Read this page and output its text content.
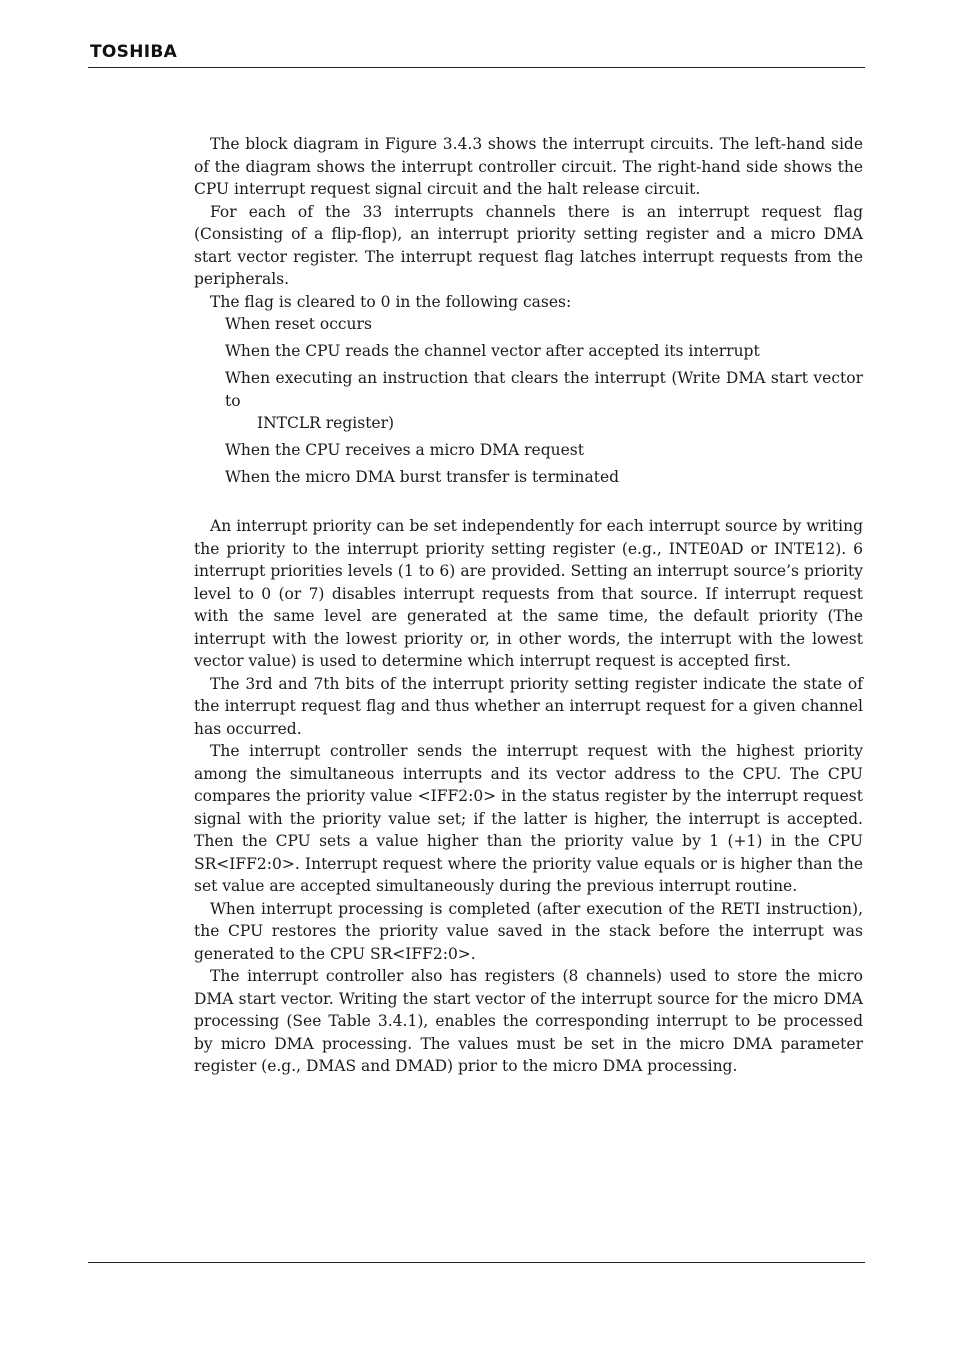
TOSHIBA

The block diagram in Figure 3.4.3 shows the interrupt circuits. The left-hand side of the diagram shows the interrupt controller circuit. The right-hand side shows the CPU interrupt request signal circuit and the halt release circuit.

For each of the 33 interrupts channels there is an interrupt request flag (Consisting of a flip-flop), an interrupt priority setting register and a micro DMA start vector register. The interrupt request flag latches interrupt requests from the peripherals.

The flag is cleared to 0 in the following cases:

When reset occurs
When the CPU reads the channel vector after accepted its interrupt
When executing an instruction that clears the interrupt (Write DMA start vector to
INTCLR register)
When the CPU receives a micro DMA request
When the micro DMA burst transfer is terminated

An interrupt priority can be set independently for each interrupt source by writing the priority to the interrupt priority setting register (e.g., INTE0AD or INTE12). 6 interrupt priorities levels (1 to 6) are provided. Setting an interrupt source’s priority level to 0 (or 7) disables interrupt requests from that source. If interrupt request with the same level are generated at the same time, the default priority (The interrupt with the lowest priority or, in other words, the interrupt with the lowest vector value) is used to determine which interrupt request is accepted first.

The 3rd and 7th bits of the interrupt priority setting register indicate the state of the interrupt request flag and thus whether an interrupt request for a given channel has occurred.

The interrupt controller sends the interrupt request with the highest priority among the simultaneous interrupts and its vector address to the CPU. The CPU compares the priority value <IFF2:0> in the status register by the interrupt request signal with the priority value set; if the latter is higher, the interrupt is accepted. Then the CPU sets a value higher than the priority value by 1 (+1) in the CPU SR<IFF2:0>. Interrupt request where the priority value equals or is higher than the set value are accepted simultaneously during the previous interrupt routine.

When interrupt processing is completed (after execution of the RETI instruction), the CPU restores the priority value saved in the stack before the interrupt was generated to the CPU SR<IFF2:0>.

The interrupt controller also has registers (8 channels) used to store the micro DMA start vector. Writing the start vector of the interrupt source for the micro DMA processing (See Table 3.4.1), enables the corresponding interrupt to be processed by micro DMA processing. The values must be set in the micro DMA parameter register (e.g., DMAS and DMAD) prior to the micro DMA processing.
